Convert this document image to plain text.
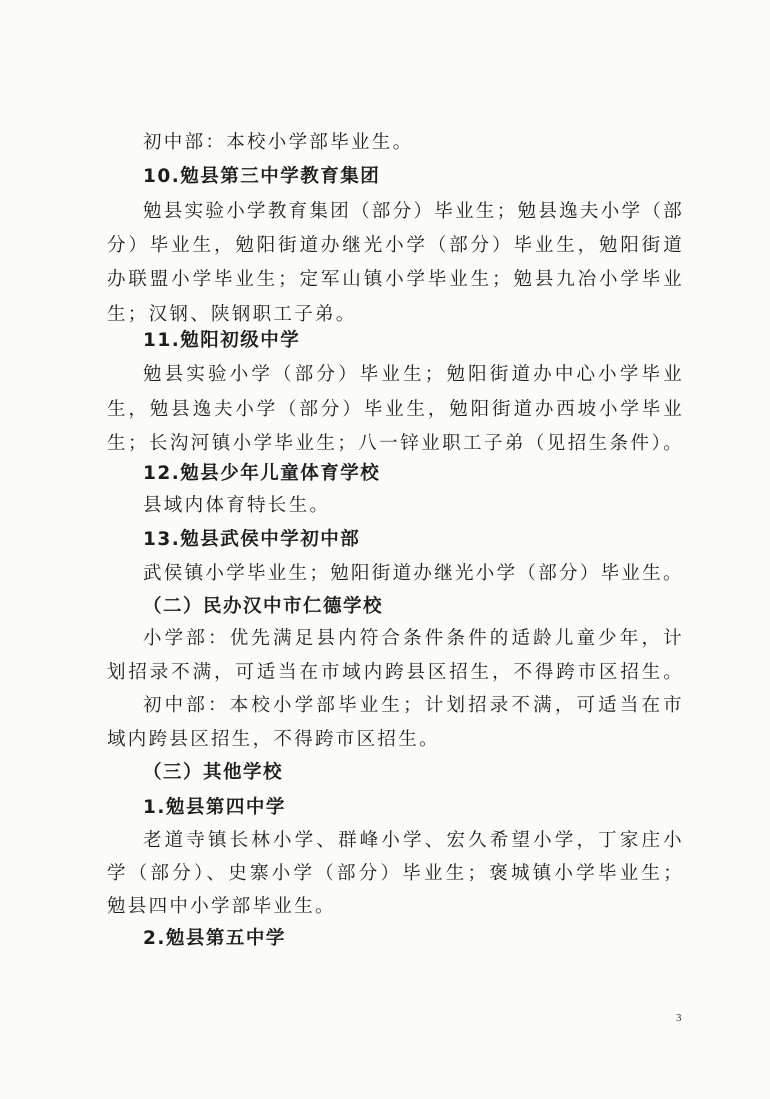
初中部：本校小学部毕业生。
10.勉县第三中学教育集团
勉县实验小学教育集团（部分）毕业生；勉县逸夫小学（部
分）毕业生，勉阳街道办继光小学（部分）毕业生，勉阳街道
办联盟小学毕业生；定军山镇小学毕业生；勉县九冶小学毕业
生；汉钢、陕钢职工子弟。
11.勉阳初级中学
勉县实验小学（部分）毕业生；勉阳街道办中心小学毕业
生，勉县逸夫小学（部分）毕业生，勉阳街道办西坡小学毕业
生；长沟河镇小学毕业生；八一锌业职工子弟（见招生条件）。
12.勉县少年儿童体育学校
县域内体育特长生。
13.勉县武侯中学初中部
武侯镇小学毕业生；勉阳街道办继光小学（部分）毕业生。
（二）民办汉中市仁德学校
小学部：优先满足县内符合条件条件的适龄儿童少年，计
划招录不满，可适当在市域内跨县区招生，不得跨市区招生。
初中部：本校小学部毕业生；计划招录不满，可适当在市
域内跨县区招生，不得跨市区招生。
（三）其他学校
1.勉县第四中学
老道寺镇长林小学、群峰小学、宏久希望小学，丁家庄小
学（部分）、史寨小学（部分）毕业生；褒城镇小学毕业生；
勉县四中小学部毕业生。
2.勉县第五中学
3
